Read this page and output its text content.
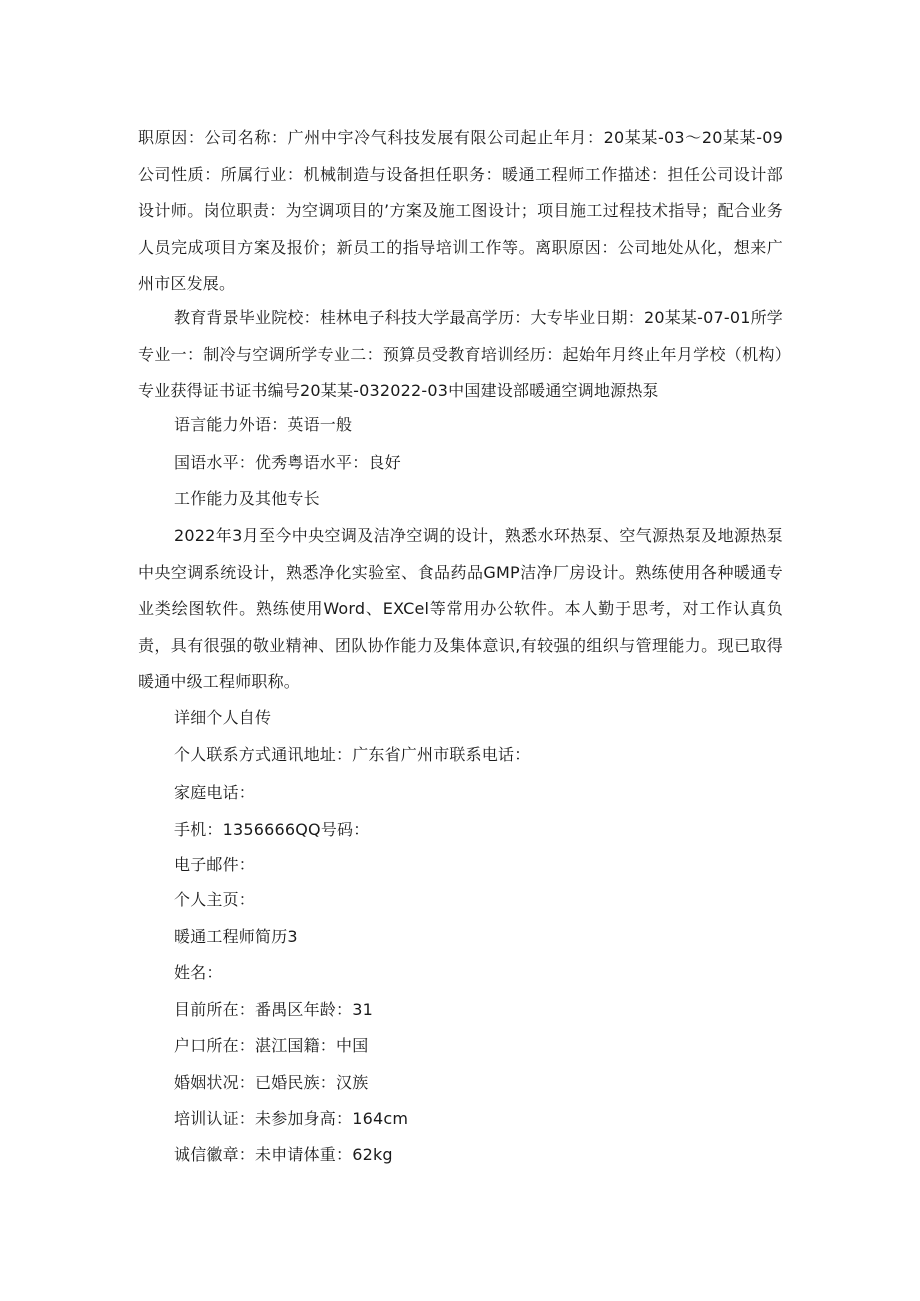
职原因：公司名称：广州中宇冷气科技发展有限公司起止年月：20某某-03～20某某-09公司性质：所属行业：机械制造与设备担任职务：暖通工程师工作描述：担任公司设计部设计师。岗位职责：为空调项目的’方案及施工图设计；项目施工过程技术指导；配合业务人员完成项目方案及报价；新员工的指导培训工作等。离职原因：公司地处从化，想来广州市区发展。

教育背景毕业院校：桂林电子科技大学最高学历：大专毕业日期：20某某-07-01所学专业一：制冷与空调所学专业二：预算员受教育培训经历：起始年月终止年月学校（机构）专业获得证书证书编号20某某-032022-03中国建设部暖通空调地源热泵

语言能力外语：英语一般

国语水平：优秀粤语水平：良好

工作能力及其他专长

2022年3月至今中央空调及洁净空调的设计，熟悉水环热泵、空气源热泵及地源热泵中央空调系统设计，熟悉净化实验室、食品药品GMP洁净厂房设计。熟练使用各种暖通专业类绘图软件。熟练使用Word、EXCel等常用办公软件。本人勤于思考，对工作认真负责，具有很强的敬业精神、团队协作能力及集体意识,有较强的组织与管理能力。现已取得暖通中级工程师职称。

详细个人自传

个人联系方式通讯地址：广东省广州市联系电话：

家庭电话：

手机：1356666QQ号码：

电子邮件：

个人主页：

暖通工程师简历3

姓名：

目前所在：番禺区年龄：31

户口所在：湛江国籍：中国

婚姻状况：已婚民族：汉族

培训认证：未参加身高：164cm

诚信徽章：未申请体重：62kg
